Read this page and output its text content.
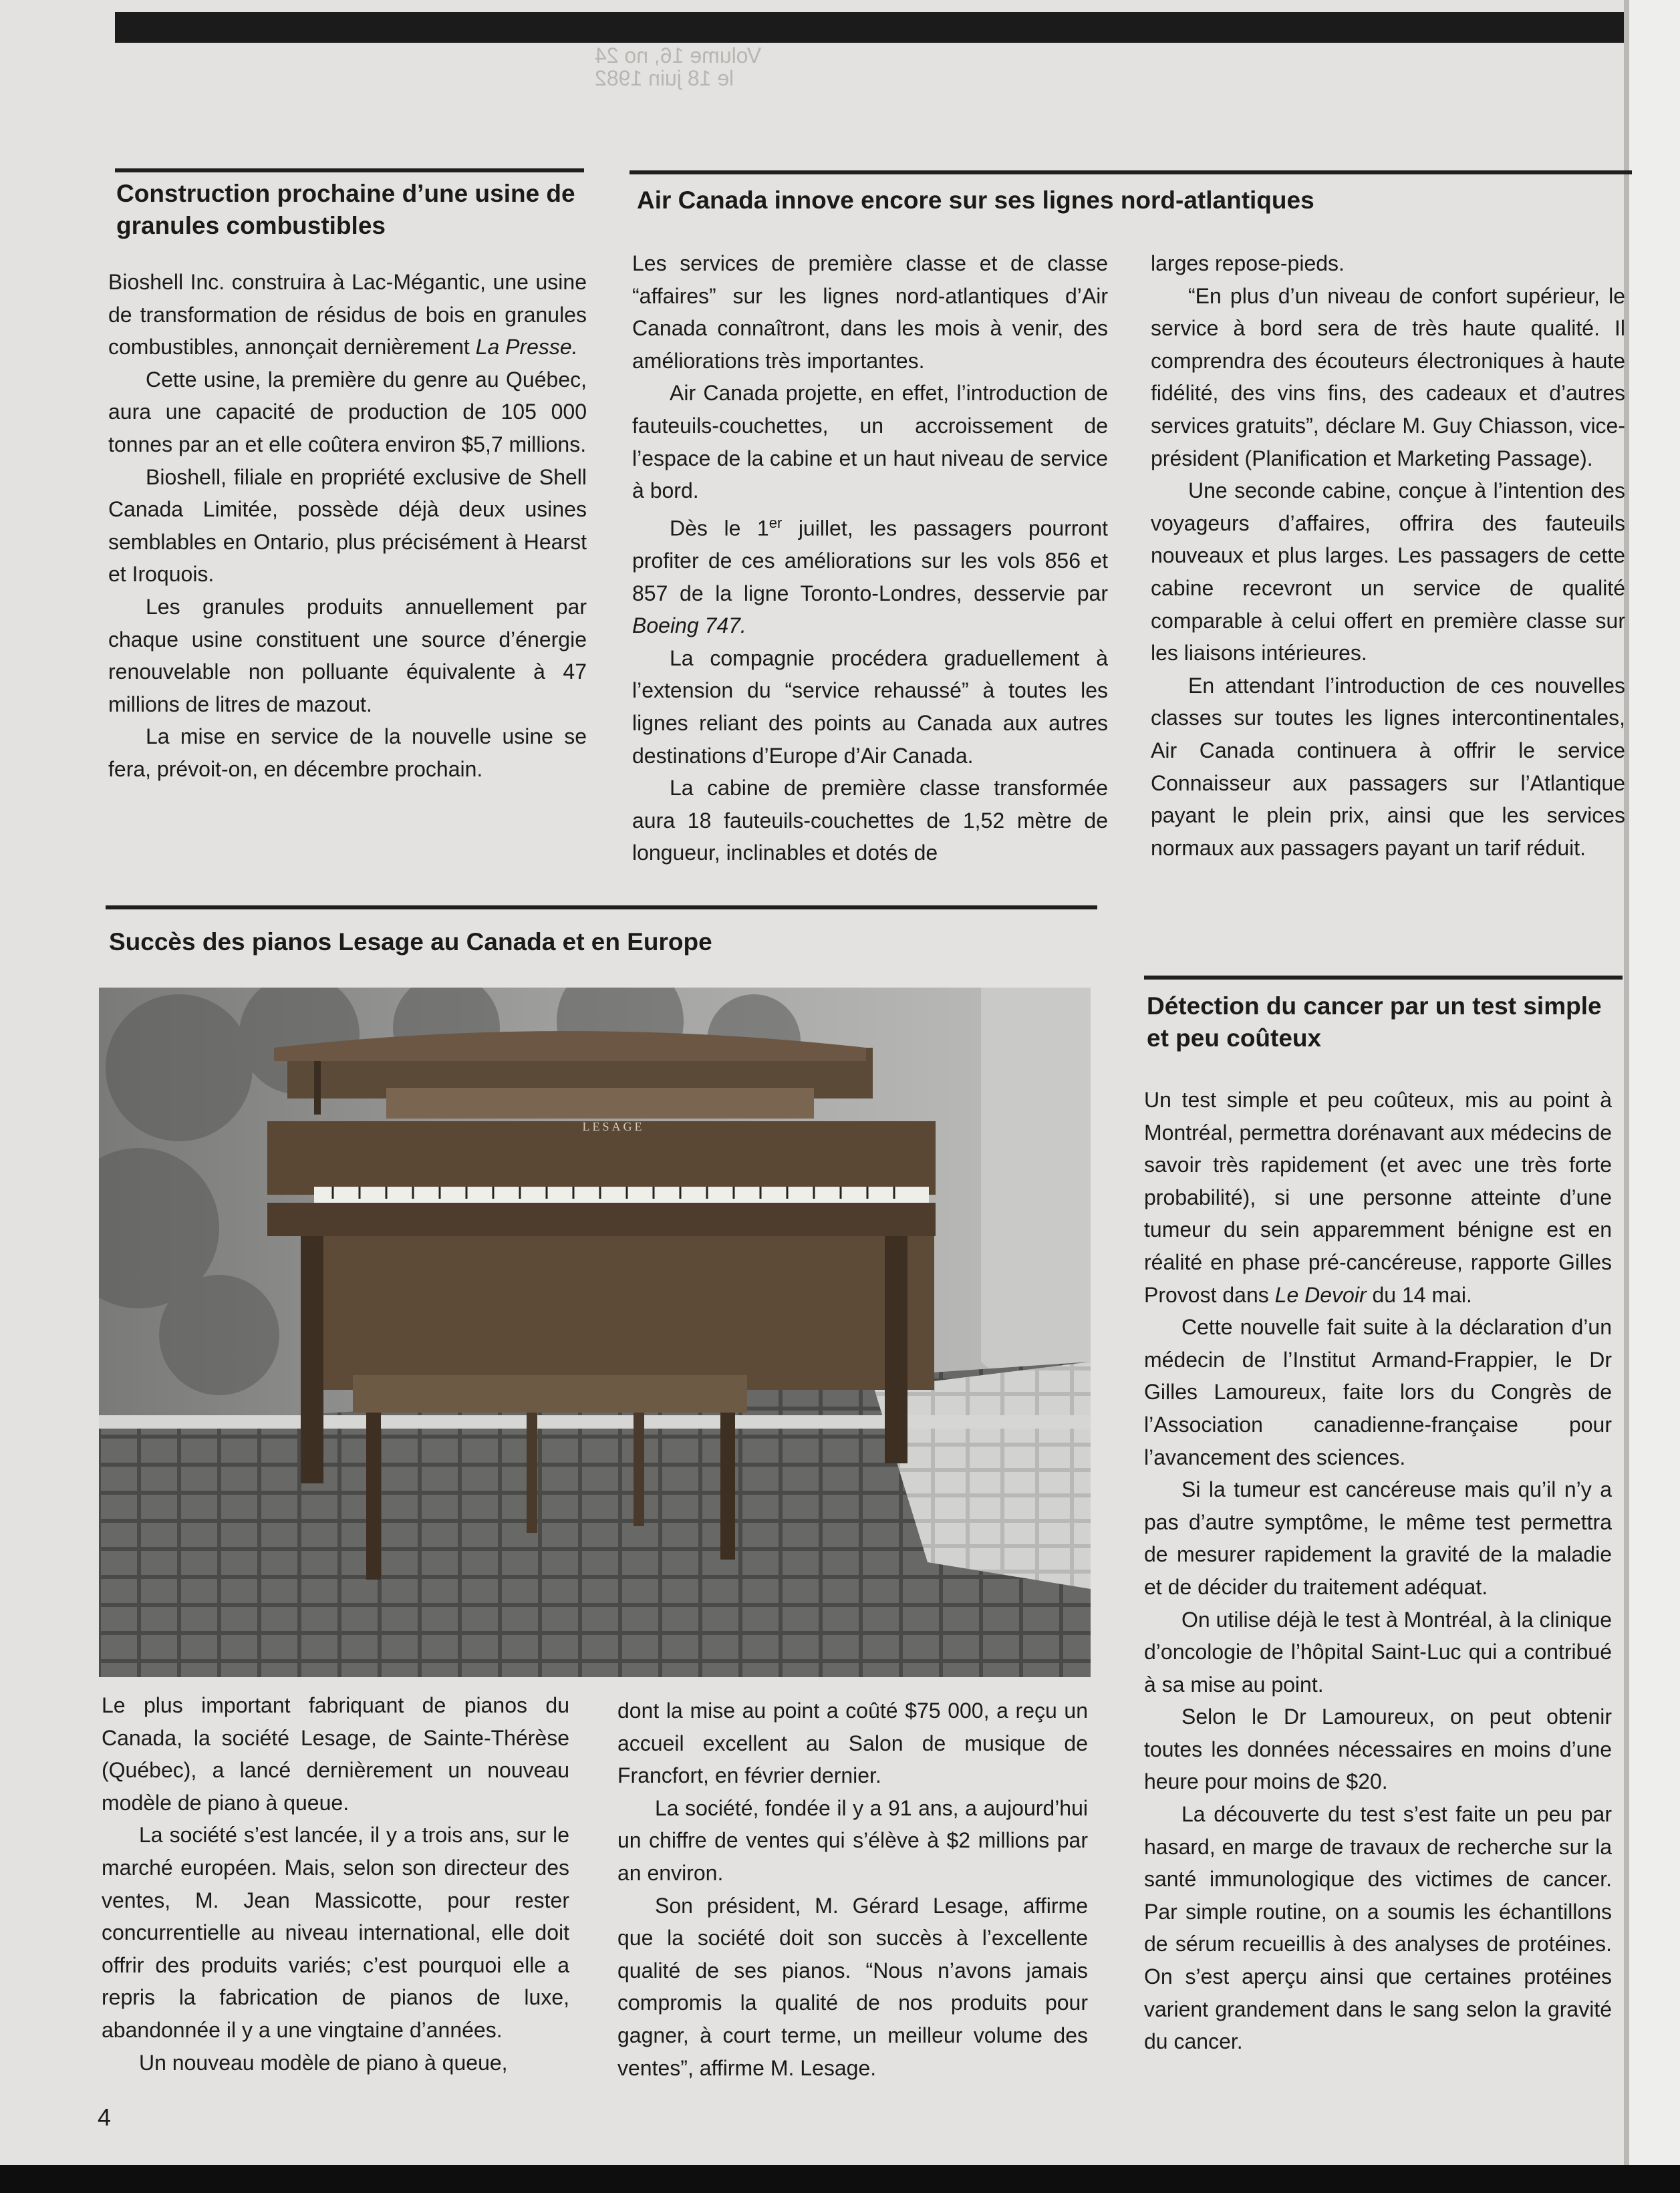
Volume 16, no 24
le 18 juin 1982
Construction prochaine d’une usine de granules combustibles

Bioshell Inc. construira à Lac-Mégantic, une usine de transformation de résidus de bois en granules combustibles, annonçait dernièrement La Presse.

Cette usine, la première du genre au Québec, aura une capacité de production de 105 000 tonnes par an et elle coûtera environ $5,7 millions.

Bioshell, filiale en propriété exclusive de Shell Canada Limitée, possède déjà deux usines semblables en Ontario, plus précisément à Hearst et Iroquois.

Les granules produits annuellement par chaque usine constituent une source d’énergie renouvelable non polluante équivalente à 47 millions de litres de mazout.

La mise en service de la nouvelle usine se fera, prévoit-on, en décembre prochain.

Air Canada innove encore sur ses lignes nord-atlantiques

Les services de première classe et de classe “affaires” sur les lignes nord-atlantiques d’Air Canada connaîtront, dans les mois à venir, des améliorations très importantes.

Air Canada projette, en effet, l’introduction de fauteuils-couchettes, un accroissement de l’espace de la cabine et un haut niveau de service à bord.

Dès le 1er juillet, les passagers pourront profiter de ces améliorations sur les vols 856 et 857 de la ligne Toronto-Londres, desservie par Boeing 747.

La compagnie procédera graduellement à l’extension du “service rehaussé” à toutes les lignes reliant des points au Canada aux autres destinations d’Europe d’Air Canada.

La cabine de première classe transformée aura 18 fauteuils-couchettes de 1,52 mètre de longueur, inclinables et dotés de

larges repose-pieds.

“En plus d’un niveau de confort supérieur, le service à bord sera de très haute qualité. Il comprendra des écouteurs électroniques à haute fidélité, des vins fins, des cadeaux et d’autres services gratuits”, déclare M. Guy Chiasson, vice-président (Planification et Marketing Passage).

Une seconde cabine, conçue à l’intention des voyageurs d’affaires, offrira des fauteuils nouveaux et plus larges. Les passagers de cette cabine recevront un service de qualité comparable à celui offert en première classe sur les liaisons intérieures.

En attendant l’introduction de ces nouvelles classes sur toutes les lignes intercontinentales, Air Canada continuera à offrir le service Connaisseur aux passagers sur l’Atlantique payant le plein prix, ainsi que les services normaux aux passagers payant un tarif réduit.

Succès des pianos Lesage au Canada et en Europe
LESAGE

Le plus important fabriquant de pianos du Canada, la société Lesage, de Sainte-Thérèse (Québec), a lancé dernièrement un nouveau modèle de piano à queue.

La société s’est lancée, il y a trois ans, sur le marché européen. Mais, selon son directeur des ventes, M. Jean Massicotte, pour rester concurrentielle au niveau international, elle doit offrir des produits variés; c’est pourquoi elle a repris la fabrication de pianos de luxe, abandonnée il y a une vingtaine d’années.

Un nouveau modèle de piano à queue,

dont la mise au point a coûté $75 000, a reçu un accueil excellent au Salon de musique de Francfort, en février dernier.

La société, fondée il y a 91 ans, a aujourd’hui un chiffre de ventes qui s’élève à $2 millions par an environ.

Son président, M. Gérard Lesage, affirme que la société doit son succès à l’excellente qualité de ses pianos. “Nous n’avons jamais compromis la qualité de nos produits pour gagner, à court terme, un meilleur volume des ventes”, affirme M. Lesage.

Détection du cancer par un test simple et peu coûteux

Un test simple et peu coûteux, mis au point à Montréal, permettra dorénavant aux médecins de savoir très rapidement (et avec une très forte probabilité), si une personne atteinte d’une tumeur du sein apparemment bénigne est en réalité en phase pré-cancéreuse, rapporte Gilles Provost dans Le Devoir du 14 mai.

Cette nouvelle fait suite à la déclaration d’un médecin de l’Institut Armand-Frappier, le Dr Gilles Lamoureux, faite lors du Congrès de l’Association canadienne-française pour l’avancement des sciences.

Si la tumeur est cancéreuse mais qu’il n’y a pas d’autre symptôme, le même test permettra de mesurer rapidement la gravité de la maladie et de décider du traitement adéquat.

On utilise déjà le test à Montréal, à la clinique d’oncologie de l’hôpital Saint-Luc qui a contribué à sa mise au point.

Selon le Dr Lamoureux, on peut obtenir toutes les données nécessaires en moins d’une heure pour moins de $20.

La découverte du test s’est faite un peu par hasard, en marge de travaux de recherche sur la santé immunologique des victimes de cancer. Par simple routine, on a soumis les échantillons de sérum recueillis à des analyses de protéines. On s’est aperçu ainsi que certaines protéines varient grandement dans le sang selon la gravité du cancer.

4
